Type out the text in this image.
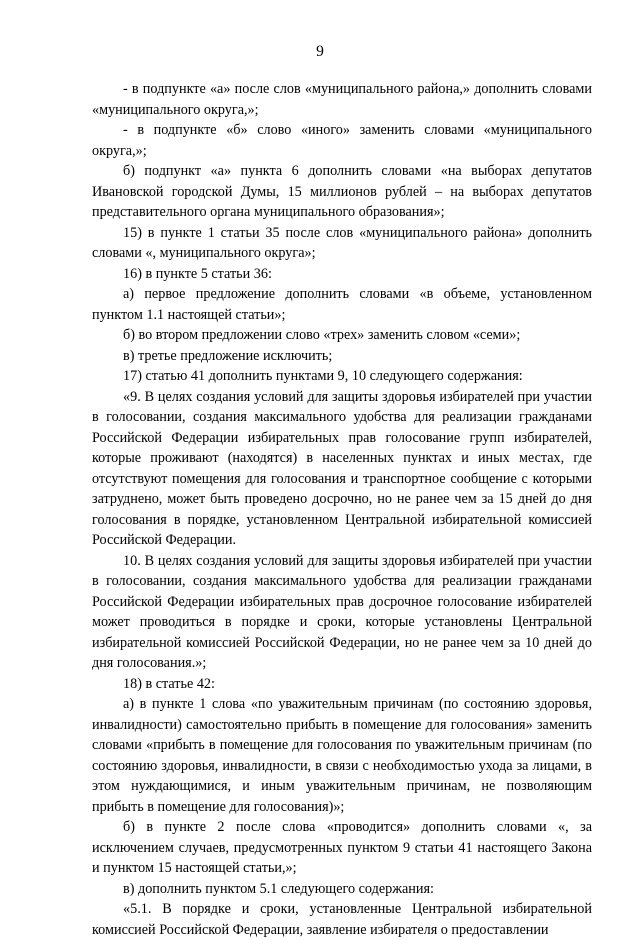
9

- в подпункте «а» после слов «муниципального района,» дополнить словами «муниципального округа,»;

- в подпункте «б» слово «иного» заменить словами «муниципального округа,»;

б) подпункт «а» пункта 6 дополнить словами «на выборах депутатов Ивановской городской Думы, 15 миллионов рублей – на выборах депутатов представительного органа муниципального образования»;

15) в пункте 1 статьи 35 после слов «муниципального района» дополнить словами «, муниципального округа»;

16) в пункте 5 статьи 36:

а) первое предложение дополнить словами «в объеме, установленном пунктом 1.1 настоящей статьи»;

б) во втором предложении слово «трех» заменить словом «семи»;

в) третье предложение исключить;

17) статью 41 дополнить пунктами 9, 10 следующего содержания:

«9. В целях создания условий для защиты здоровья избирателей при участии в голосовании, создания максимального удобства для реализации гражданами Российской Федерации избирательных прав голосование групп избирателей, которые проживают (находятся) в населенных пунктах и иных местах, где отсутствуют помещения для голосования и транспортное сообщение с которыми затруднено, может быть проведено досрочно, но не ранее чем за 15 дней до дня голосования в порядке, установленном Центральной избирательной комиссией Российской Федерации.

10. В целях создания условий для защиты здоровья избирателей при участии в голосовании, создания максимального удобства для реализации гражданами Российской Федерации избирательных прав досрочное голосование избирателей может проводиться в порядке и сроки, которые установлены Центральной избирательной комиссией Российской Федерации, но не ранее чем за 10 дней до дня голосования.»;

18) в статье 42:

а) в пункте 1 слова «по уважительным причинам (по состоянию здоровья, инвалидности) самостоятельно прибыть в помещение для голосования» заменить словами «прибыть в помещение для голосования по уважительным причинам (по состоянию здоровья, инвалидности, в связи с необходимостью ухода за лицами, в этом нуждающимися, и иным уважительным причинам, не позволяющим прибыть в помещение для голосования)»;

б) в пункте 2 после слова «проводится» дополнить словами «, за исключением случаев, предусмотренных пунктом 9 статьи 41 настоящего Закона и пунктом 15 настоящей статьи,»;

в) дополнить пунктом 5.1 следующего содержания:

«5.1. В порядке и сроки, установленные Центральной избирательной комиссией Российской Федерации, заявление избирателя о предоставлении
